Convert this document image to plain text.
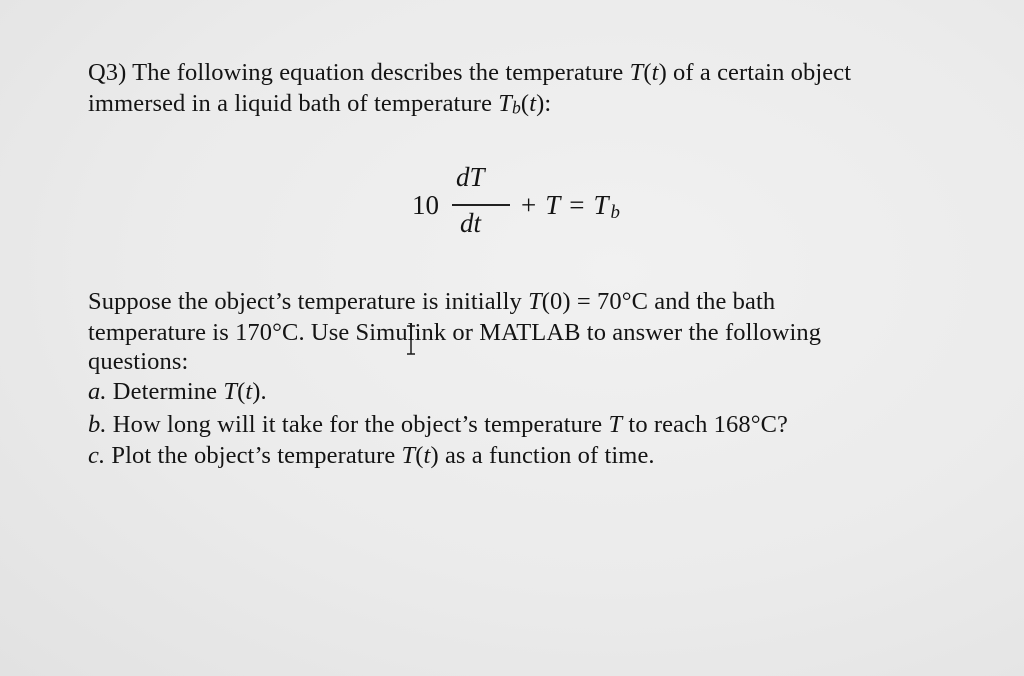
Q3) The following equation describes the temperature T(t) of a certain object
immersed in a liquid bath of temperature Tb(t):
10
dT
dt
+ T = T b
Suppose the object’s temperature is initially T(0) = 70°C and the bath
temperature is 170°C. Use Simulink or MATLAB to answer the following
questions:
a. Determine T(t).
b. How long will it take for the object’s temperature T to reach 168°C?
c. Plot the object’s temperature T(t) as a function of time.
